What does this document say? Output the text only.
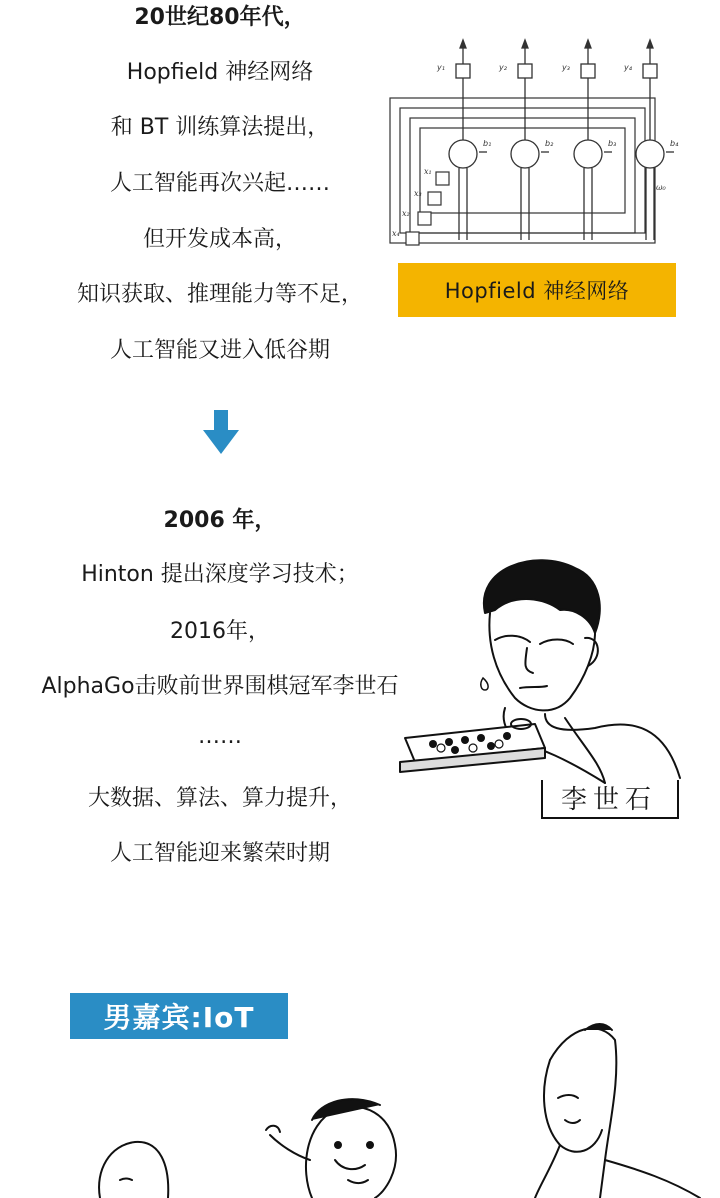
20世纪80年代，
Hopfield 神经网络
和 BT 训练算法提出，
人工智能再次兴起……
但开发成本高，
知识获取、推理能力等不足，
人工智能又进入低谷期
y₁
b₁
y₂
b₂
y₃
b₃
y₄
b₄
x₁
x₃
x₂
x₄
ω₀
Hopfield 神经网络
2006 年，
Hinton 提出深度学习技术；
2016年，
AlphaGo击败前世界围棋冠军李世石
……
大数据、算法、算力提升，
人工智能迎来繁荣时期
李世石
男嘉宾:IoT
